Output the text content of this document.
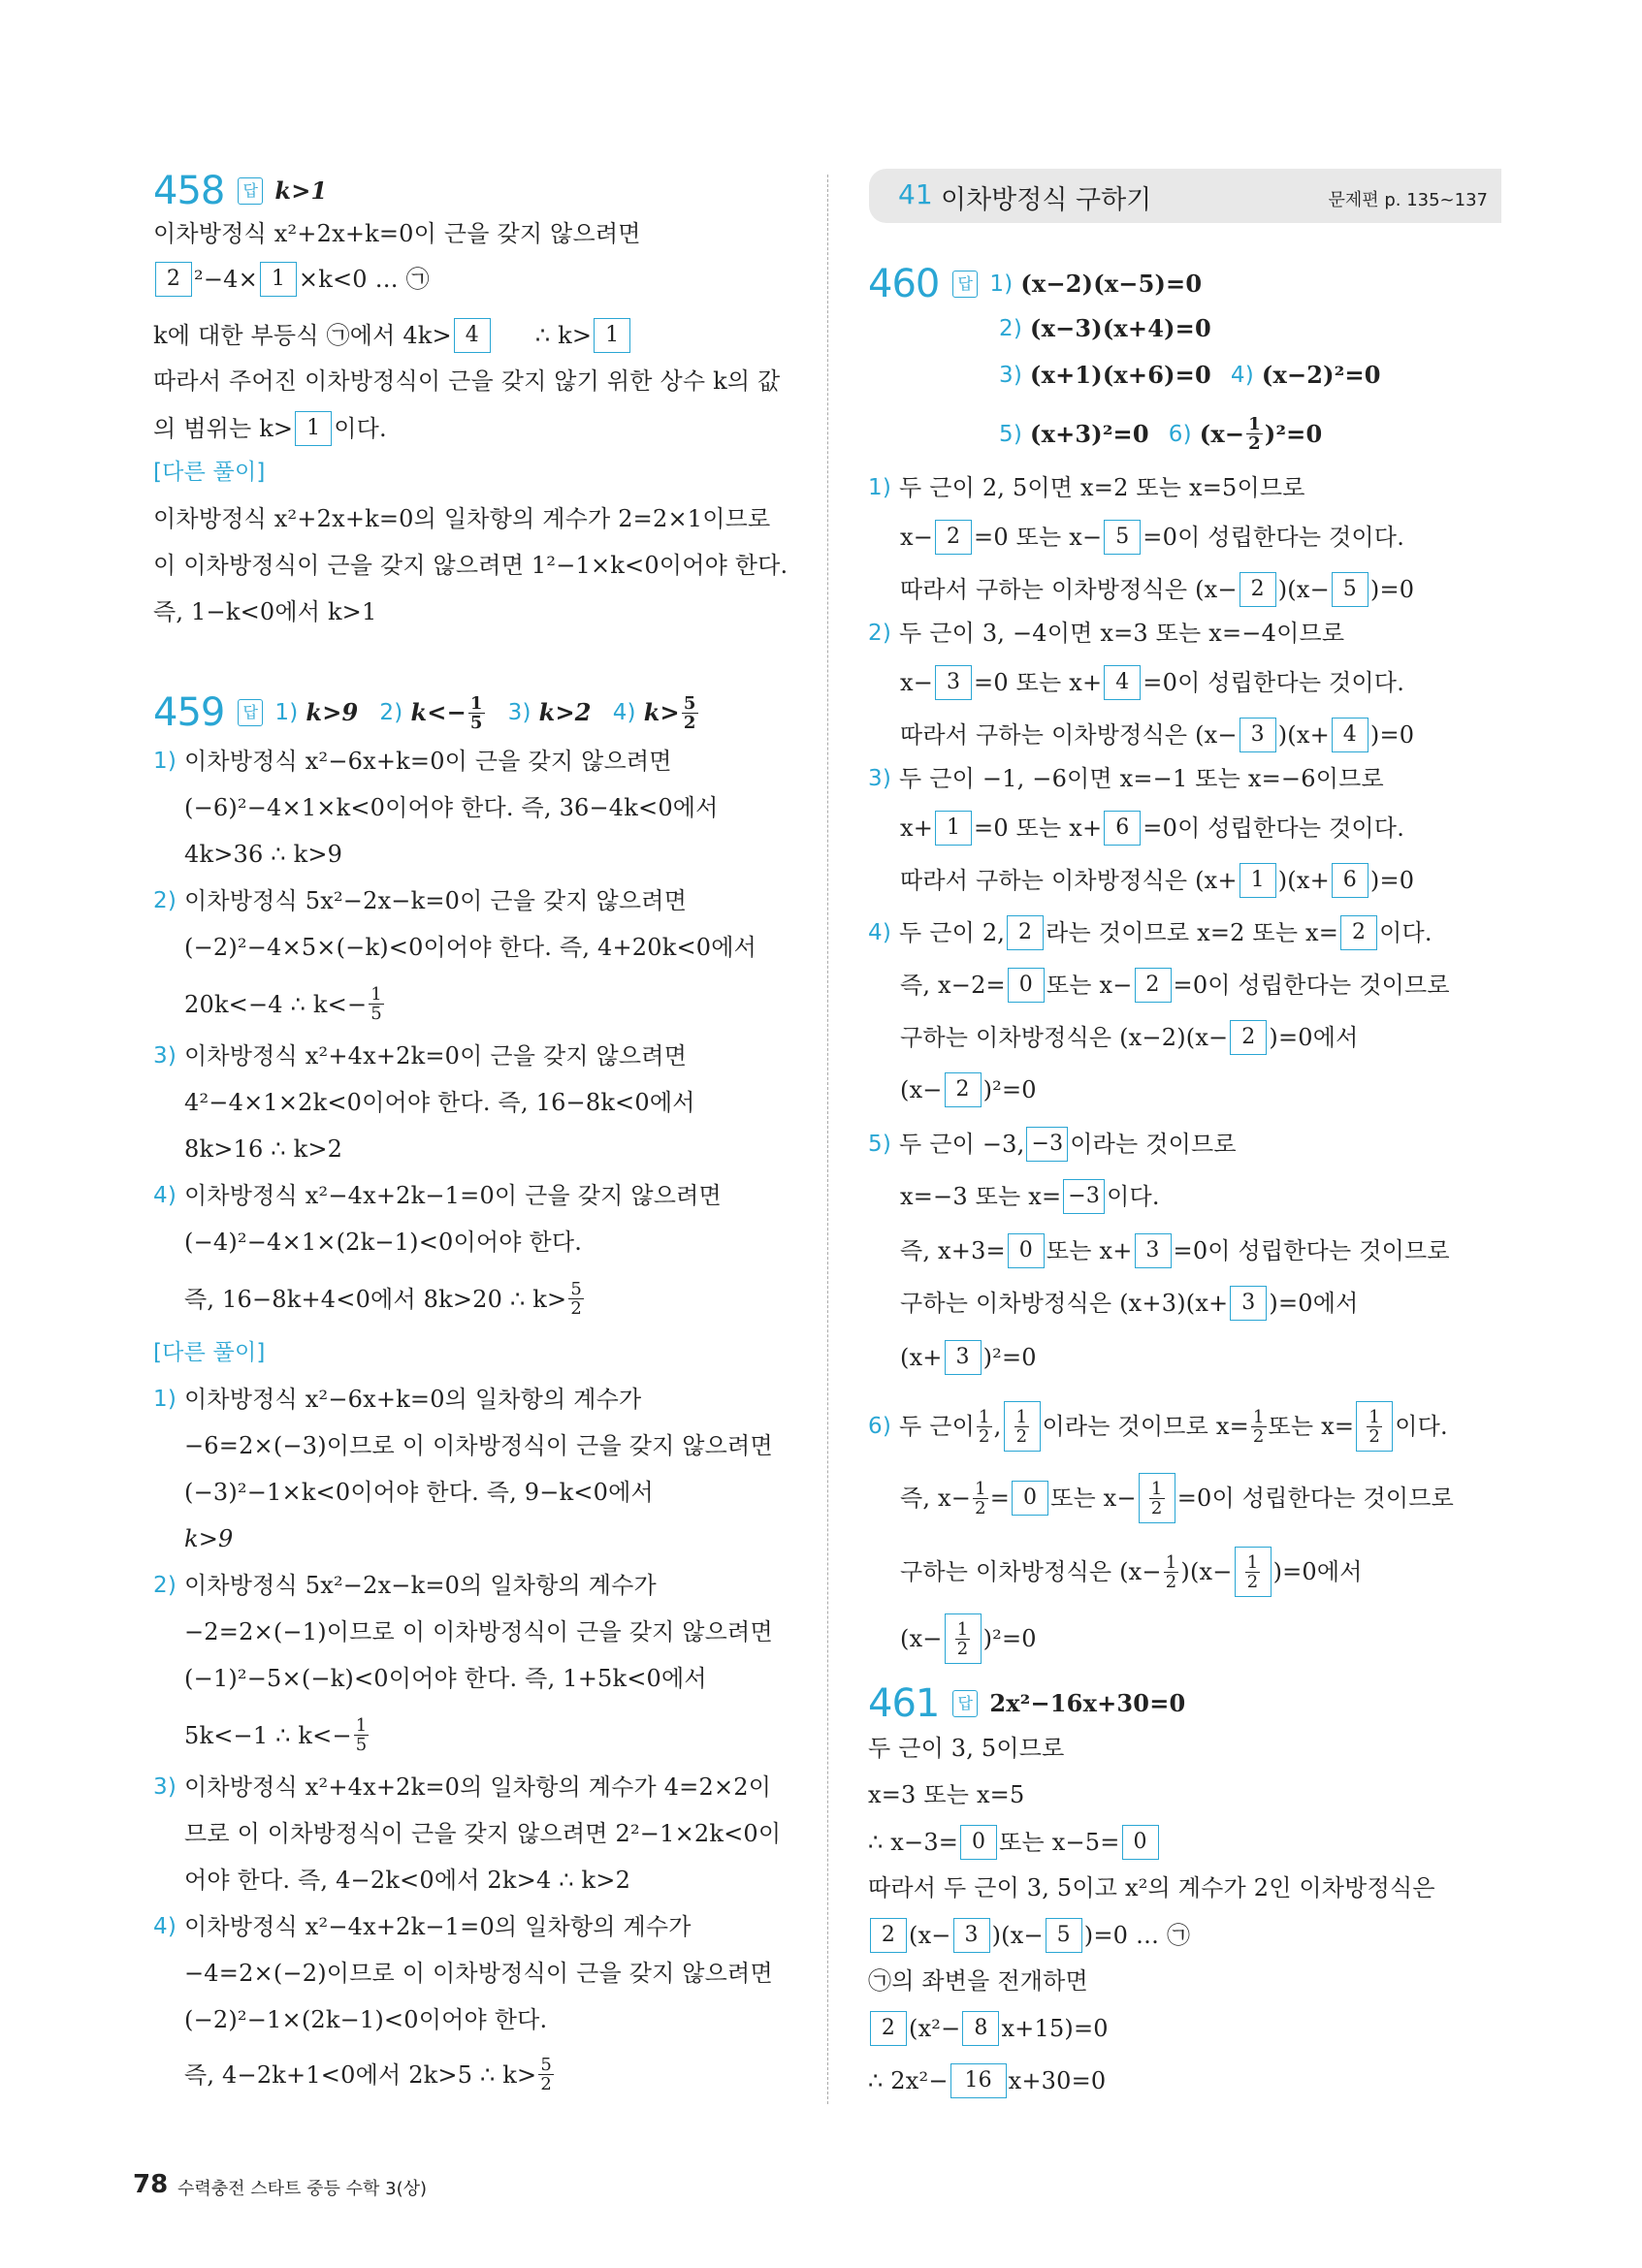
41 이차방정식 구하기	문제편 p. 135~137
458	답 k>1
이차방정식 x²+2x+k=0이 근을 갖지 않으려면
2 ²−4× 1 ×k<0 … ㉠
k에 대한 부등식 ㉠에서 4k> 4	∴ k> 1
따라서 주어진 이차방정식이 근을 갖지 않기 위한 상수 k의 값
의 범위는 k> 1 이다.
[다른 풀이]
이차방정식 x²+2x+k=0의 일차항의 계수가 2=2×1이므로
이 이차방정식이 근을 갖지 않으려면 1²−1×k<0이어야 한다.
즉, 1−k<0에서 k>1
459	답 1) k>9 2) $k<- \frac{1}{5} 3$) k>2 4) $k> \frac{5}{2}$
1) 이차방정식 x²−6x+k=0이 근을 갖지 않으려면
(−6)²−4×1×k<0이어야 한다. 즉, 36−4k<0에서
4k>36 ∴ k>9
2) 이차방정식 5x²−2x−k=0이 근을 갖지 않으려면
(−2)²−4×5×(−k)<0이어야 한다. 즉, 4+20k<0에서
20k<−4 ∴ $k<- \frac{1}{5}$
3) 이차방정식 x²+4x+2k=0이 근을 갖지 않으려면
4²−4×1×2k<0이어야 한다. 즉, 16−8k<0에서
8k>16 ∴ k>2
4) 이차방정식 x²−4x+2k−1=0이 근을 갖지 않으려면
(−4)²−4×1×(2k−1)<0이어야 한다.
즉, 16−8k+4<0에서 8k>20 ∴ $k> \frac{5}{2}$
[다른 풀이]
1) 이차방정식 x²−6x+k=0의 일차항의 계수가
−6=2×(−3)이므로 이 이차방정식이 근을 갖지 않으려면
(−3)²−1×k<0이어야 한다. 즉, 9−k<0에서
k>9
2) 이차방정식 5x²−2x−k=0의 일차항의 계수가
−2=2×(−1)이므로 이 이차방정식이 근을 갖지 않으려면
(−1)²−5×(−k)<0이어야 한다. 즉, 1+5k<0에서
5k<−1 ∴ $k<- \frac{1}{5}$
3) 이차방정식 x²+4x+2k=0의 일차항의 계수가 4=2×2이
므로 이 이차방정식이 근을 갖지 않으려면 2²−1×2k<0이
어야 한다. 즉, 4−2k<0에서 2k>4 ∴ k>2
4) 이차방정식 x²−4x+2k−1=0의 일차항의 계수가
−4=2×(−2)이므로 이 이차방정식이 근을 갖지 않으려면
(−2)²−1×(2k−1)<0이어야 한다.
즉, 4−2k+1<0에서 2k>5 ∴ $k> \frac{5}{2}$
460	답 1) (x−2)(x−5)=0
2) (x−3)(x+4)=0
3) (x+1)(x+6)=0 4) (x−2)²=0
5) (x+3)²=0 6) $(x- \frac{1}{2} )^2=0$
1) 두 근이 2, 5이면 x=2 또는 x=5이므로
x− 2 =0 또는 x− 5 =0이 성립한다는 것이다.
따라서 구하는 이차방정식은 (x− 2 )(x− 5 )=0
2) 두 근이 3, −4이면 x=3 또는 x=−4이므로
x− 3 =0 또는 x+ 4 =0이 성립한다는 것이다.
따라서 구하는 이차방정식은 (x− 3 )(x+ 4 )=0
3) 두 근이 −1, −6이면 x=−1 또는 x=−6이므로
x+ 1 =0 또는 x+ 6 =0이 성립한다는 것이다.
따라서 구하는 이차방정식은 (x+ 1 )(x+ 6 )=0
4) 두 근이 2, 2 라는 것이므로 x=2 또는 x= 2 이다.
즉, x−2= 0 또는 x− 2 =0이 성립한다는 것이므로
구하는 이차방정식은 (x−2)(x− 2 )=0에서
(x− 2 )²=0
5) 두 근이 −3, −3 이라는 것이므로
x=−3 또는 x= −3 이다.
즉, x+3= 0 또는 x+ 3 =0이 성립한다는 것이므로
구하는 이차방정식은 (x+3)(x+ 3 )=0에서
(x+ 3 )²=0
6) 두 근이 $\frac{1}{2}$ , $\frac{1}{2}$ 이라는 것이므로 $x= \frac{1}{2}$ 또는 $x= \frac{1}{2}$ 이다.
즉, $x- \frac{1}{2} = 0$ 또는 $x- \frac{1}{2} =0$이 성립한다는 것이므로
구하는 이차방정식은 $(x- \frac{1}{2} )(x- \frac{1}{2} )=0$에서
$(x- \frac{1}{2} )^2=0$
461	답 2x²−16x+30=0
두 근이 3, 5이므로
x=3 또는 x=5
∴ x−3= 0 또는 x−5= 0
따라서 두 근이 3, 5이고 x²의 계수가 2인 이차방정식은
2 (x− 3 )(x− 5 )=0 … ㉠
㉠의 좌변을 전개하면
2 (x²− 8 x+15)=0
∴ 2x²− 16 x+30=0
78 수력충전 스타트 중등 수학 3(상)
